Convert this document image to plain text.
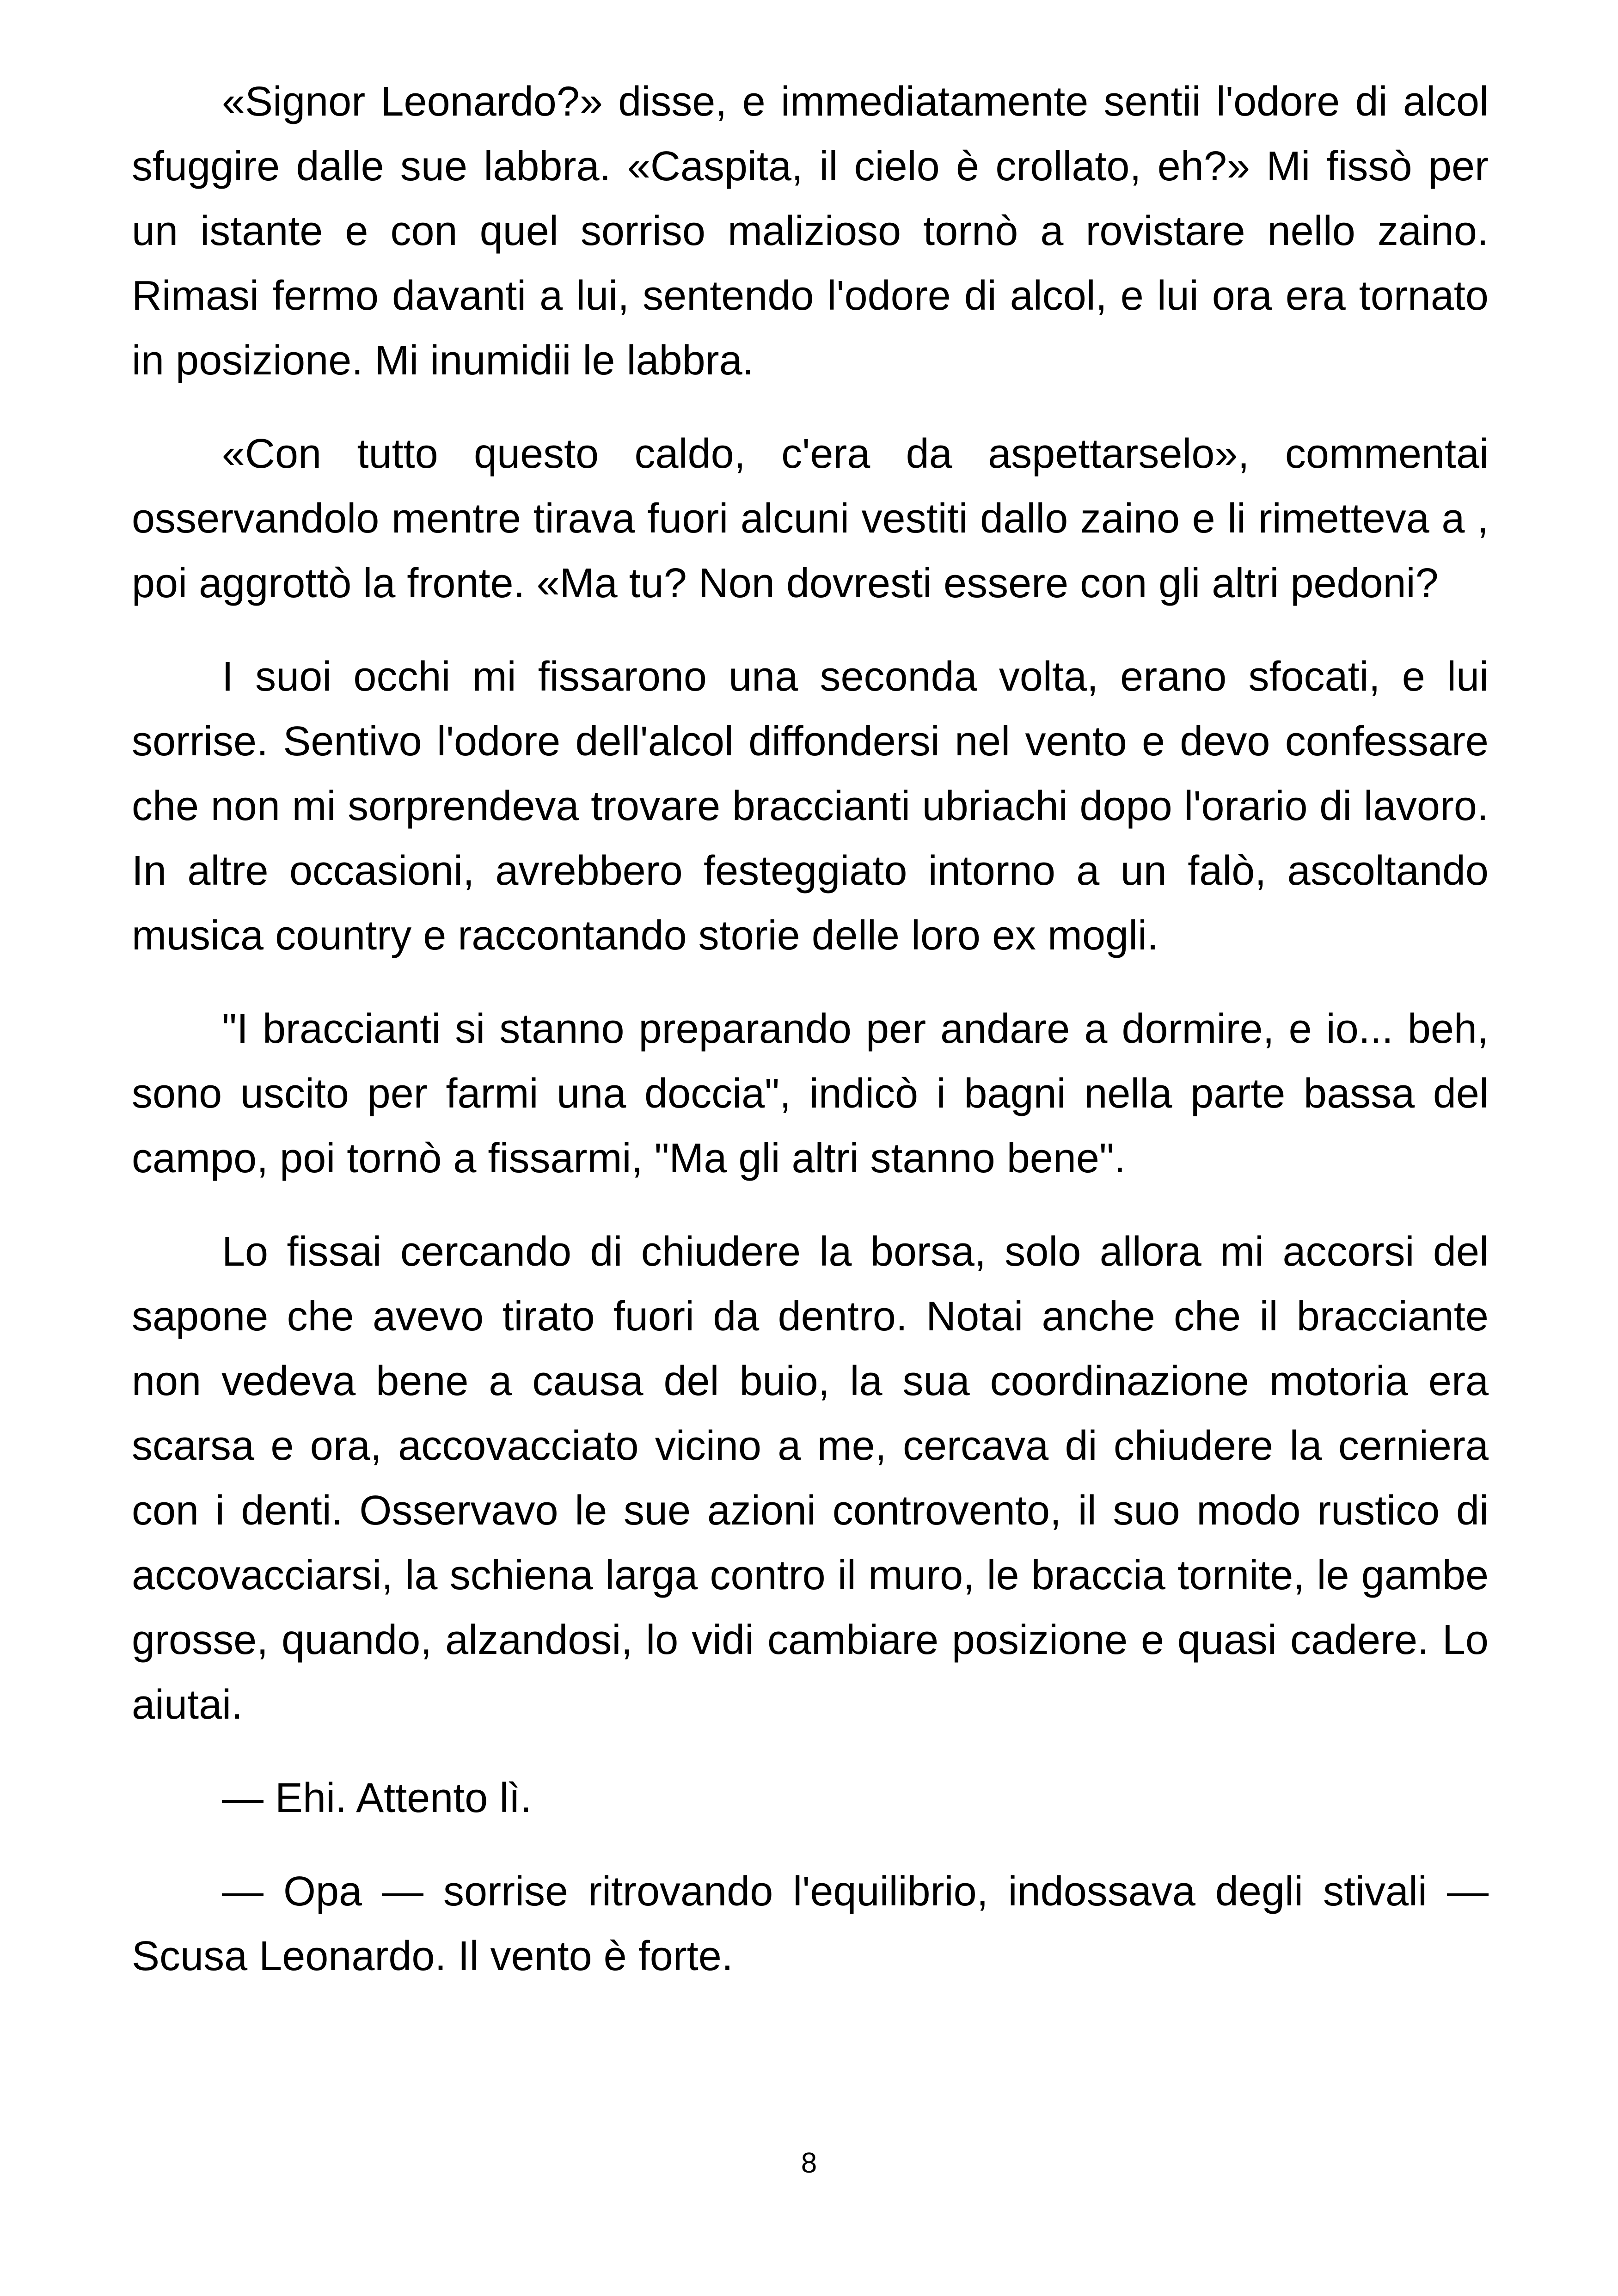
«Signor Leonardo?» disse, e immediatamente sentii l'odore di alcol sfuggire dalle sue labbra. «Caspita, il cielo è crollato, eh?» Mi fissò per un istante e con quel sorriso malizioso tornò a rovistare nello zaino. Rimasi fermo davanti a lui, sentendo l'odore di alcol, e lui ora era tornato in posizione. Mi inumidii le labbra.

«Con tutto questo caldo, c'era da aspettarselo», commentai osservandolo mentre tirava fuori alcuni vestiti dallo zaino e li rimetteva a , poi aggrottò la fronte. «Ma tu? Non dovresti essere con gli altri pedoni?

I suoi occhi mi fissarono una seconda volta, erano sfocati, e lui sorrise. Sentivo l'odore dell'alcol diffondersi nel vento e devo confessare che non mi sorprendeva trovare braccianti ubriachi dopo l'orario di lavoro. In altre occasioni, avrebbero festeggiato intorno a un falò, ascoltando musica country e raccontando storie delle loro ex mogli.

"I braccianti si stanno preparando per andare a dormire, e io... beh, sono uscito per farmi una doccia", indicò i bagni nella parte bassa del campo, poi tornò a fissarmi, "Ma gli altri stanno bene".

Lo fissai cercando di chiudere la borsa, solo allora mi accorsi del sapone che avevo tirato fuori da dentro. Notai anche che il bracciante non vedeva bene a causa del buio, la sua coordinazione motoria era scarsa e ora, accovacciato vicino a me, cercava di chiudere la cerniera con i denti. Osservavo le sue azioni controvento, il suo modo rustico di accovacciarsi, la schiena larga contro il muro, le braccia tornite, le gambe grosse, quando, alzandosi, lo vidi cambiare posizione e quasi cadere. Lo aiutai.

— Ehi. Attento lì.

— Opa — sorrise ritrovando l'equilibrio, indossava degli stivali — Scusa Leonardo. Il vento è forte.

8
